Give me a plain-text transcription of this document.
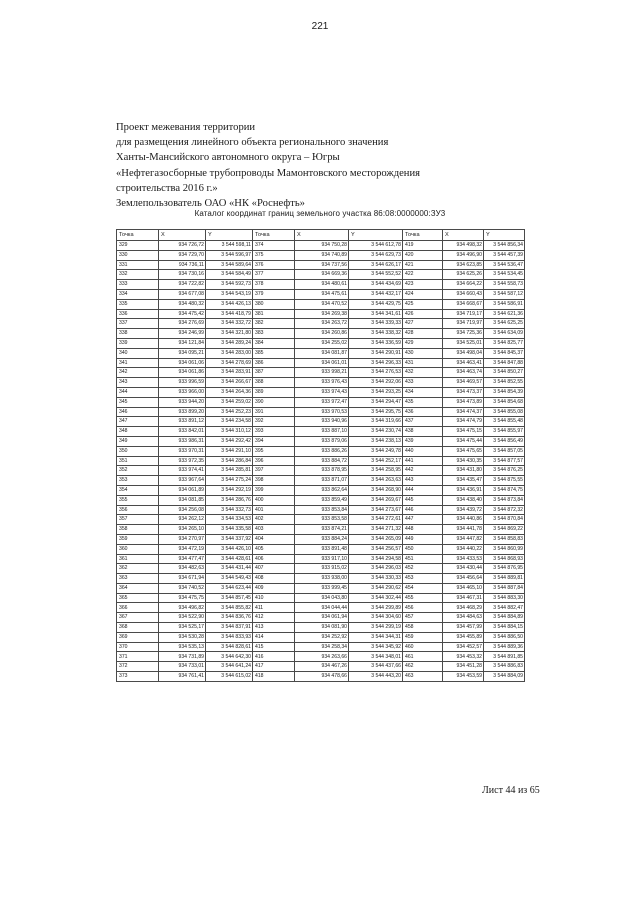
221
Проект межевания территории
для размещения линейного объекта регионального значения
Ханты-Мансийского автономного округа – Югры
«Нефтегазосборные трубопроводы Мамонтовского месторождения
строительства 2016 г.»
Землепользователь ОАО «НК «Роснефть»
Каталог координат границ земельного участка 86:08:0000000:ЗУ3
Точка	X	Y	Точка	X	Y	Точка	X	Y
329	934 726,72	3 544 598,11	374	934 750,28	3 544 612,78	419	934 498,32	3 544 856,34
330	934 729,70	3 544 596,97	375	934 740,89	3 544 629,73	420	934 496,90	3 544 457,39
331	934 736,11	3 544 589,64	376	934 737,56	3 544 626,17	421	934 623,85	3 544 536,47
332	934 730,16	3 544 584,49	377	934 669,36	3 544 552,52	422	934 625,26	3 544 534,45
333	934 722,82	3 544 592,73	378	934 480,61	3 544 434,69	423	934 664,22	3 544 558,73
334	934 677,08	3 544 543,19	379	934 475,61	3 544 432,17	424	934 660,43	3 544 587,12
335	934 480,32	3 544 426,13	380	934 470,52	3 544 429,75	425	934 668,67	3 544 586,91
336	934 475,42	3 544 418,79	381	934 269,38	3 544 341,61	426	934 719,17	3 544 621,36
337	934 276,69	3 544 332,72	382	934 263,72	3 544 339,33	427	934 719,97	3 544 625,25
338	934 246,99	3 544 321,80	383	934 260,86	3 544 338,32	428	934 725,36	3 544 634,09
339	934 121,84	3 544 289,24	384	934 255,02	3 544 336,59	429	934 525,01	3 544 825,77
340	934 095,21	3 544 283,00	385	934 081,87	3 544 290,91	430	934 498,04	3 544 845,37
341	934 061,06	3 544 278,69	386	934 061,01	3 544 296,33	431	934 463,41	3 544 847,88
342	934 061,86	3 544 283,91	387	933 998,21	3 544 276,53	432	934 463,74	3 544 850,27
343	933 996,59	3 544 266,67	388	933 976,43	3 544 292,06	433	934 469,57	3 544 852,55
344	933 966,00	3 544 264,36	389	933 974,43	3 544 293,25	434	934 473,37	3 544 854,39
345	933 944,20	3 544 259,02	390	933 972,47	3 544 294,47	435	934 473,89	3 544 854,68
346	933 899,20	3 544 252,23	391	933 970,53	3 544 295,75	436	934 474,37	3 544 855,08
347	933 891,12	3 544 234,58	392	933 940,96	3 544 319,66	437	934 474,79	3 544 855,48
348	933 842,01	3 544 310,12	393	933 887,10	3 544 230,74	438	934 475,15	3 544 855,97
349	933 986,31	3 544 292,42	394	933 879,06	3 544 238,13	439	934 475,44	3 544 856,49
350	933 970,31	3 544 291,10	395	933 886,26	3 544 249,78	440	934 475,65	3 544 857,05
351	933 972,35	3 544 286,84	396	933 884,72	3 544 252,17	441	934 430,35	3 544 877,57
352	933 974,41	3 544 285,81	397	933 878,95	3 544 258,95	442	934 431,80	3 544 876,25
353	933 967,64	3 544 275,24	398	933 871,07	3 544 263,63	443	934 435,47	3 544 875,55
354	934 061,89	3 544 292,19	399	933 862,64	3 544 268,90	444	934 436,91	3 544 874,75
355	934 081,85	3 544 286,76	400	933 859,49	3 544 269,67	445	934 438,40	3 544 873,84
356	934 256,08	3 544 332,73	401	933 853,84	3 544 273,67	446	934 439,72	3 544 872,32
357	934 262,12	3 544 334,53	402	933 853,58	3 544 272,61	447	934 440,86	3 544 870,84
358	934 265,10	3 544 335,58	403	933 874,21	3 544 271,32	448	934 441,78	3 544 869,22
359	934 270,97	3 544 337,92	404	933 884,24	3 544 265,09	449	934 447,82	3 544 858,83
360	934 472,19	3 544 426,10	405	933 891,48	3 544 256,57	450	934 440,22	3 544 860,99
361	934 477,47	3 544 428,61	406	933 917,10	3 544 294,58	451	934 433,53	3 544 868,93
362	934 482,63	3 544 431,44	407	933 915,02	3 544 296,03	452	934 430,44	3 544 876,95
363	934 671,94	3 544 549,43	408	933 938,00	3 544 330,33	453	934 456,64	3 544 889,81
364	934 740,52	3 544 623,44	409	933 999,45	3 544 290,62	454	934 465,10	3 544 887,84
365	934 475,75	3 544 857,45	410	934 043,80	3 544 302,44	455	934 467,31	3 544 883,30
366	934 496,82	3 544 855,82	411	934 044,44	3 544 299,89	456	934 468,29	3 544 882,47
367	934 522,90	3 544 836,76	412	934 061,94	3 544 304,60	457	934 484,63	3 544 884,89
368	934 525,17	3 544 837,91	413	934 081,90	3 544 299,19	458	934 457,99	3 544 884,15
369	934 530,28	3 544 833,93	414	934 252,92	3 544 344,31	459	934 455,89	3 544 886,50
370	934 535,13	3 544 828,61	415	934 258,34	3 544 345,92	460	934 452,57	3 544 889,36
371	934 731,89	3 544 642,30	416	934 263,66	3 544 348,01	461	934 453,32	3 544 891,85
372	934 733,01	3 544 641,24	417	934 467,26	3 544 437,66	462	934 451,28	3 544 886,83
373	934 761,41	3 544 615,02	418	934 478,66	3 544 443,20	463	934 453,59	3 544 884,09
Лист 44 из 65
